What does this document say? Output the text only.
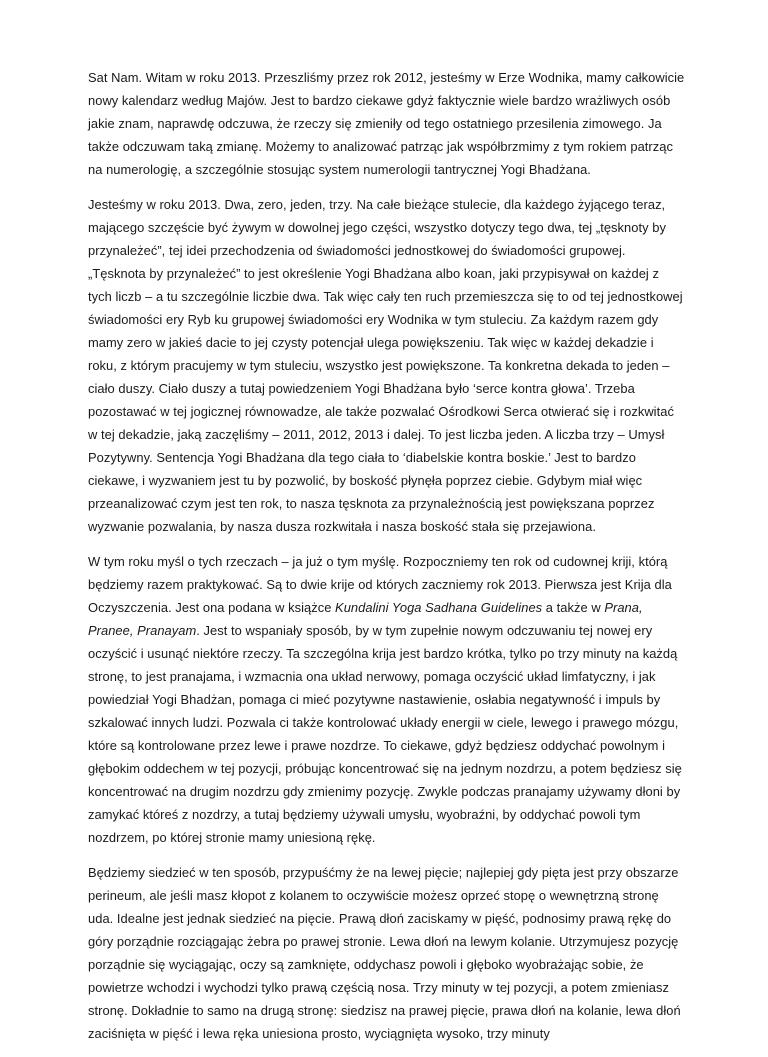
Sat Nam. Witam w roku 2013. Przeszliśmy przez rok 2012, jesteśmy w Erze Wodnika, mamy całkowicie nowy kalendarz według Majów. Jest to bardzo ciekawe gdyż faktycznie wiele bardzo wrażliwych osób jakie znam, naprawdę odczuwa, że rzeczy się zmieniły od tego ostatniego przesilenia zimowego. Ja także odczuwam taką zmianę. Możemy to analizować patrząc jak współbrzmimy z tym rokiem patrząc na numerologię, a szczególnie stosując system numerologii tantrycznej Yogi Bhadżana.

Jesteśmy w roku 2013. Dwa, zero, jeden, trzy. Na całe bieżące stulecie, dla każdego żyjącego teraz, mającego szczęście być żywym w dowolnej jego części, wszystko dotyczy tego dwa, tej „tęsknoty by przynależeć”, tej idei przechodzenia od świadomości jednostkowej do świadomości grupowej. „Tęsknota by przynależeć” to jest określenie Yogi Bhadżana albo koan, jaki przypisywał on każdej z tych liczb – a tu szczególnie liczbie dwa. Tak więc cały ten ruch przemieszcza się to od tej jednostkowej świadomości ery Ryb ku grupowej świadomości ery Wodnika w tym stuleciu. Za każdym razem gdy mamy zero w jakieś dacie to jej czysty potencjał ulega powiększeniu. Tak więc w każdej dekadzie i roku, z którym pracujemy w tym stuleciu, wszystko jest powiększone. Ta konkretna dekada to jeden – ciało duszy. Ciało duszy a tutaj powiedzeniem Yogi Bhadżana było ‘serce kontra głowa’. Trzeba pozostawać w tej jogicznej równowadze, ale także pozwalać Ośrodkowi Serca otwierać się i rozkwitać w tej dekadzie, jaką zaczęliśmy – 2011, 2012, 2013 i dalej. To jest liczba jeden. A liczba trzy – Umysł Pozytywny. Sentencja Yogi Bhadżana dla tego ciała to ‘diabelskie kontra boskie.’ Jest to bardzo ciekawe, i wyzwaniem jest tu by pozwolić, by boskość płynęła poprzez ciebie. Gdybym miał więc przeanalizować czym jest ten rok, to nasza tęsknota za przynależnością jest powiększana poprzez wyzwanie pozwalania, by nasza dusza rozkwitała i nasza boskość stała się przejawiona.

W tym roku myśl o tych rzeczach – ja już o tym myślę. Rozpoczniemy ten rok od cudownej kriji, którą będziemy razem praktykować. Są to dwie krije od których zaczniemy rok 2013. Pierwsza jest Krija dla Oczyszczenia. Jest ona podana w książce Kundalini Yoga Sadhana Guidelines a także w Prana, Pranee, Pranayam. Jest to wspaniały sposób, by w tym zupełnie nowym odczuwaniu tej nowej ery oczyścić i usunąć niektóre rzeczy. Ta szczególna krija jest bardzo krótka, tylko po trzy minuty na każdą stronę, to jest pranajama, i wzmacnia ona układ nerwowy, pomaga oczyścić układ limfatyczny, i jak powiedział Yogi Bhadżan, pomaga ci mieć pozytywne nastawienie, osłabia negatywność i impuls by szkalować innych ludzi. Pozwala ci także kontrolować układy energii w ciele, lewego i prawego mózgu, które są kontrolowane przez lewe i prawe nozdrze. To ciekawe, gdyż będziesz oddychać powolnym i głębokim oddechem w tej pozycji, próbując koncentrować się na jednym nozdrzu, a potem będziesz się koncentrować na drugim nozdrzu gdy zmienimy pozycję. Zwykle podczas pranajamy używamy dłoni by zamykać któreś z nozdrzy, a tutaj będziemy używali umysłu, wyobraźni, by oddychać powoli tym nozdrzem, po której stronie mamy uniesioną rękę.

Będziemy siedzieć w ten sposób, przypuśćmy że na lewej pięcie; najlepiej gdy pięta jest przy obszarze perineum, ale jeśli masz kłopot z kolanem to oczywiście możesz oprzeć stopę o wewnętrzną stronę uda. Idealne jest jednak siedzieć na pięcie. Prawą dłoń zaciskamy w pięść, podnosimy prawą rękę do góry porządnie rozciągając żebra po prawej stronie. Lewa dłoń na lewym kolanie. Utrzymujesz pozycję porządnie się wyciągając, oczy są zamknięte, oddychasz powoli i głęboko wyobrażając sobie, że powietrze wchodzi i wychodzi tylko prawą częścią nosa. Trzy minuty w tej pozycji, a potem zmieniasz stronę. Dokładnie to samo na drugą stronę: siedzisz na prawej pięcie, prawa dłoń na kolanie, lewa dłoń zaciśnięta w pięść i lewa ręka uniesiona prosto, wyciągnięta wysoko, trzy minuty
